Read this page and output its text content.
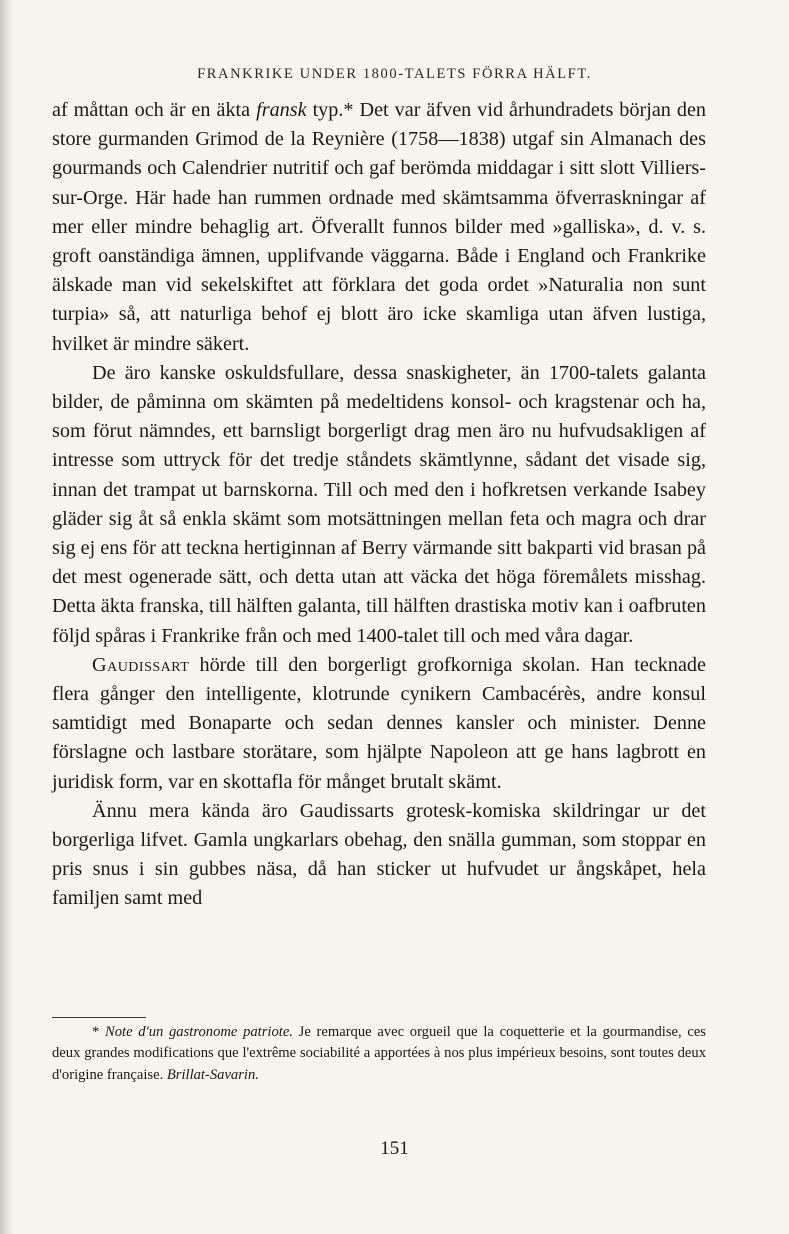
FRANKRIKE UNDER 1800-TALETS FÖRRA HÄLFT.

af måttan och är en äkta fransk typ.* Det var äfven vid århundradets början den store gurmanden Grimod de la Reynière (1758—1838) utgaf sin Almanach des gourmands och Calendrier nutritif och gaf berömda middagar i sitt slott Villiers-sur-Orge. Här hade han rummen ordnade med skämtsamma öfverraskningar af mer eller mindre behaglig art. Öfverallt funnos bilder med »galliska», d. v. s. groft oanständiga ämnen, upplifvande väggarna. Både i England och Frankrike älskade man vid sekelskiftet att förklara det goda ordet »Naturalia non sunt turpia» så, att naturliga behof ej blott äro icke skamliga utan äfven lustiga, hvilket är mindre säkert.

De äro kanske oskuldsfullare, dessa snaskigheter, än 1700-talets galanta bilder, de påminna om skämten på medeltidens konsol- och kragstenar och ha, som förut nämndes, ett barnsligt borgerligt drag men äro nu hufvudsakligen af intresse som uttryck för det tredje ståndets skämtlynne, sådant det visade sig, innan det trampat ut barnskorna. Till och med den i hofkretsen verkande Isabey gläder sig åt så enkla skämt som motsättningen mellan feta och magra och drar sig ej ens för att teckna hertiginnan af Berry värmande sitt bakparti vid brasan på det mest ogenerade sätt, och detta utan att väcka det höga föremålets misshag. Detta äkta franska, till hälften galanta, till hälften drastiska motiv kan i oafbruten följd spåras i Frankrike från och med 1400-talet till och med våra dagar.

Gaudissart hörde till den borgerligt grofkorniga skolan. Han tecknade flera gånger den intelligente, klotrunde cynikern Cambacérès, andre konsul samtidigt med Bonaparte och sedan dennes kansler och minister. Denne förslagne och lastbare storätare, som hjälpte Napoleon att ge hans lagbrott en juridisk form, var en skottafla för månget brutalt skämt.

Ännu mera kända äro Gaudissarts grotesk-komiska skildringar ur det borgerliga lifvet. Gamla ungkarlars obehag, den snälla gumman, som stoppar en pris snus i sin gubbes näsa, då han sticker ut hufvudet ur ångskåpet, hela familjen samt med

* Note d'un gastronome patriote. Je remarque avec orgueil que la coquetterie et la gourmandise, ces deux grandes modifications que l'extrême sociabilité a apportées à nos plus impérieux besoins, sont toutes deux d'origine française. Brillat-Savarin.

151
